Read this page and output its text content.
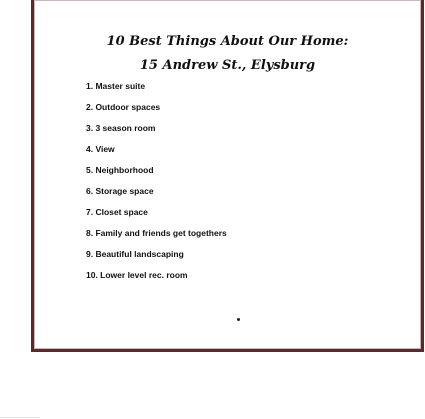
10 Best Things About Our Home:
15 Andrew St., Elysburg
1. Master suite
2. Outdoor spaces
3. 3 season room
4. View
5. Neighborhood
6. Storage space
7. Closet space
8. Family and friends get togethers
9. Beautiful landscaping
10. Lower level rec. room
